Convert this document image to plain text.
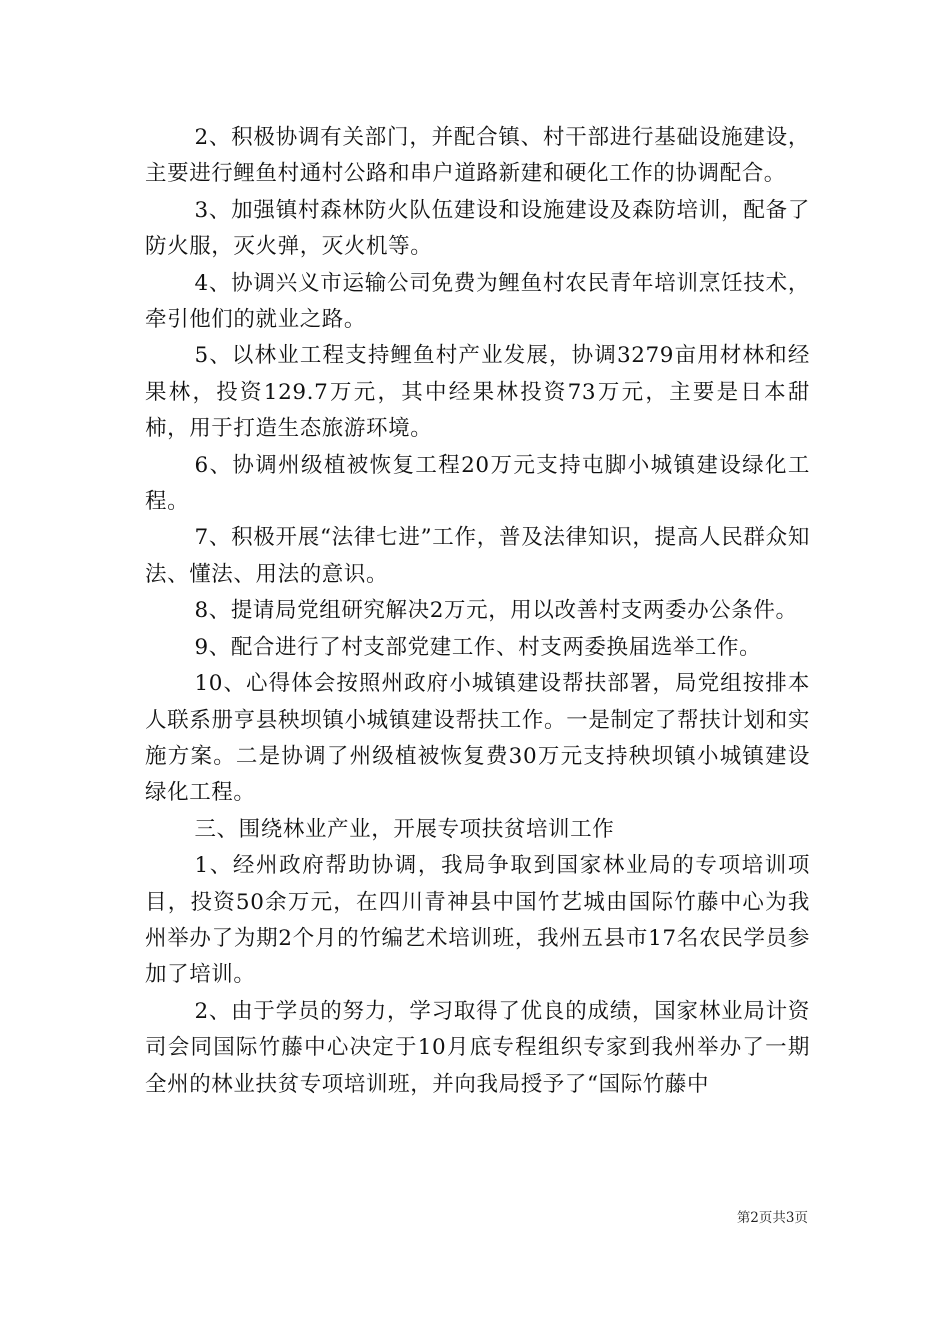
2、积极协调有关部门，并配合镇、村干部进行基础设施建设，主要进行鲤鱼村通村公路和串户道路新建和硬化工作的协调配合。

3、加强镇村森林防火队伍建设和设施建设及森防培训，配备了防火服，灭火弹，灭火机等。

4、协调兴义市运输公司免费为鲤鱼村农民青年培训烹饪技术，牵引他们的就业之路。

5、以林业工程支持鲤鱼村产业发展，协调3279亩用材林和经果林，投资129.7万元，其中经果林投资73万元，主要是日本甜柿，用于打造生态旅游环境。

6、协调州级植被恢复工程20万元支持屯脚小城镇建设绿化工程。

7、积极开展“法律七进”工作，普及法律知识，提高人民群众知法、懂法、用法的意识。

8、提请局党组研究解决2万元，用以改善村支两委办公条件。

9、配合进行了村支部党建工作、村支两委换届选举工作。

10、心得体会按照州政府小城镇建设帮扶部署，局党组按排本人联系册亨县秧坝镇小城镇建设帮扶工作。一是制定了帮扶计划和实施方案。二是协调了州级植被恢复费30万元支持秧坝镇小城镇建设绿化工程。

三、围绕林业产业，开展专项扶贫培训工作

1、经州政府帮助协调，我局争取到国家林业局的专项培训项目，投资50余万元，在四川青神县中国竹艺城由国际竹藤中心为我州举办了为期2个月的竹编艺术培训班，我州五县市17名农民学员参加了培训。

2、由于学员的努力，学习取得了优良的成绩，国家林业局计资司会同国际竹藤中心决定于10月底专程组织专家到我州举办了一期全州的林业扶贫专项培训班，并向我局授予了“国际竹藤中

第2页共3页
